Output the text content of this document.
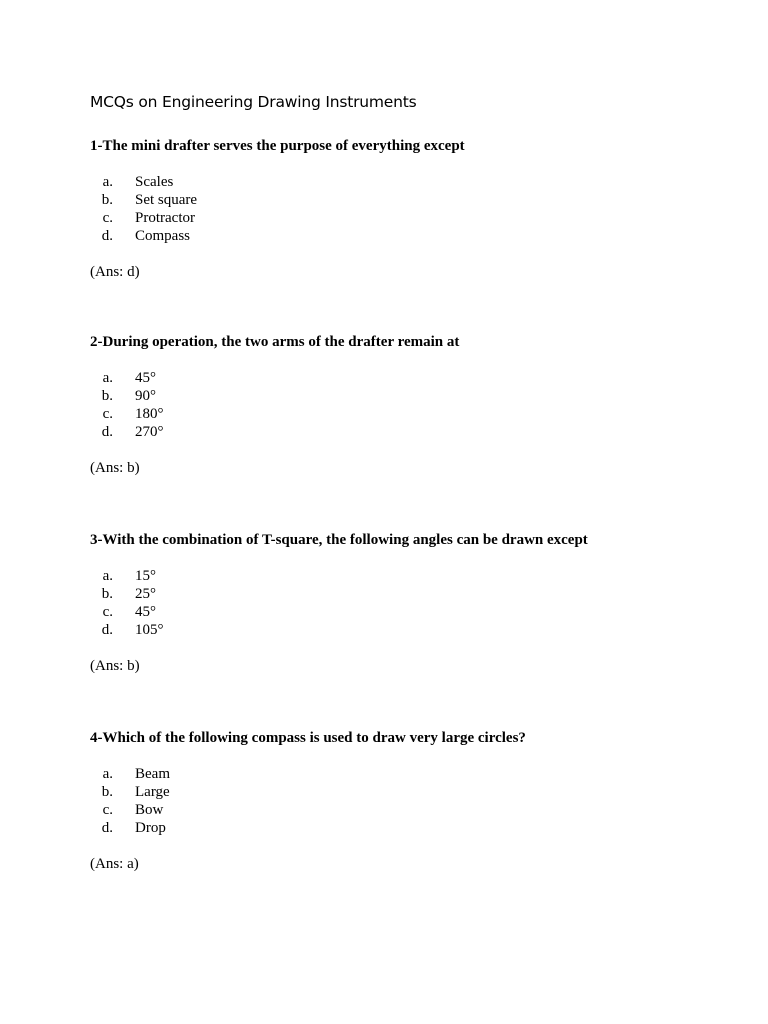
MCQs on Engineering Drawing Instruments

1-The mini drafter serves the purpose of everything except

a. Scales
b. Set square
c. Protractor
d. Compass

(Ans: d)

2-During operation, the two arms of the drafter remain at

a. 45°
b. 90°
c. 180°
d. 270°

(Ans: b)

3-With the combination of T-square, the following angles can be drawn except

a. 15°
b. 25°
c. 45°
d. 105°

(Ans: b)

4-Which of the following compass is used to draw very large circles?

a. Beam
b. Large
c. Bow
d. Drop

(Ans: a)
